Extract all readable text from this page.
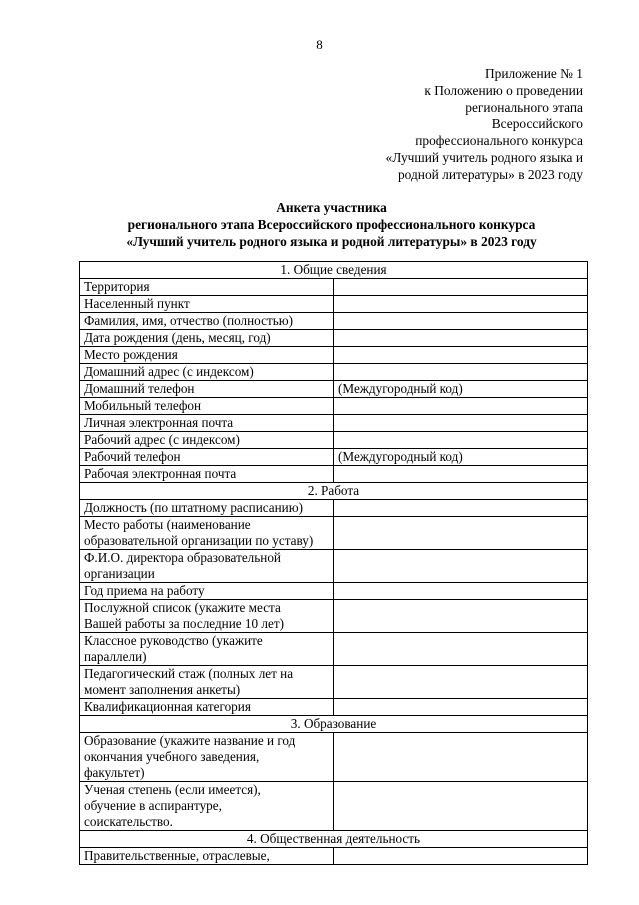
8
Приложение № 1
к Положению о проведении
регионального этапа
Всероссийского
профессионального конкурса
«Лучший учитель родного языка и
родной литературы» в 2023 году
Анкета участника
регионального этапа Всероссийского профессионального конкурса
«Лучший учитель родного языка и родной литературы» в 2023 году
1. Общие сведения	

Территория	

Населенный пункт	

Фамилия, имя, отчество (полностью)	

Дата рождения (день, месяц, год)	

Место рождения	

Домашний адрес (с индексом)	

Домашний телефон	(Междугородный код)

Мобильный телефон	

Личная электронная почта	

Рабочий адрес (с индексом)	

Рабочий телефон	(Междугородный код)

Рабочая электронная почта	

2. Работа	

Должность (по штатному расписанию)	

Место работы (наименование
образовательной организации по уставу)	

Ф.И.О. директора образовательной
организации	

Год приема на работу	

Послужной список (укажите места
Вашей работы за последние 10 лет)	

Классное руководство (укажите
параллели)	

Педагогический стаж (полных лет на
момент заполнения анкеты)	

Квалификационная категория	

3. Образование	

Образование (укажите название и год
окончания учебного заведения,
факультет)	

Ученая степень (если имеется),
обучение в аспирантуре,
соискательство.	

4. Общественная деятельность	

Правительственные, отраслевые,	
